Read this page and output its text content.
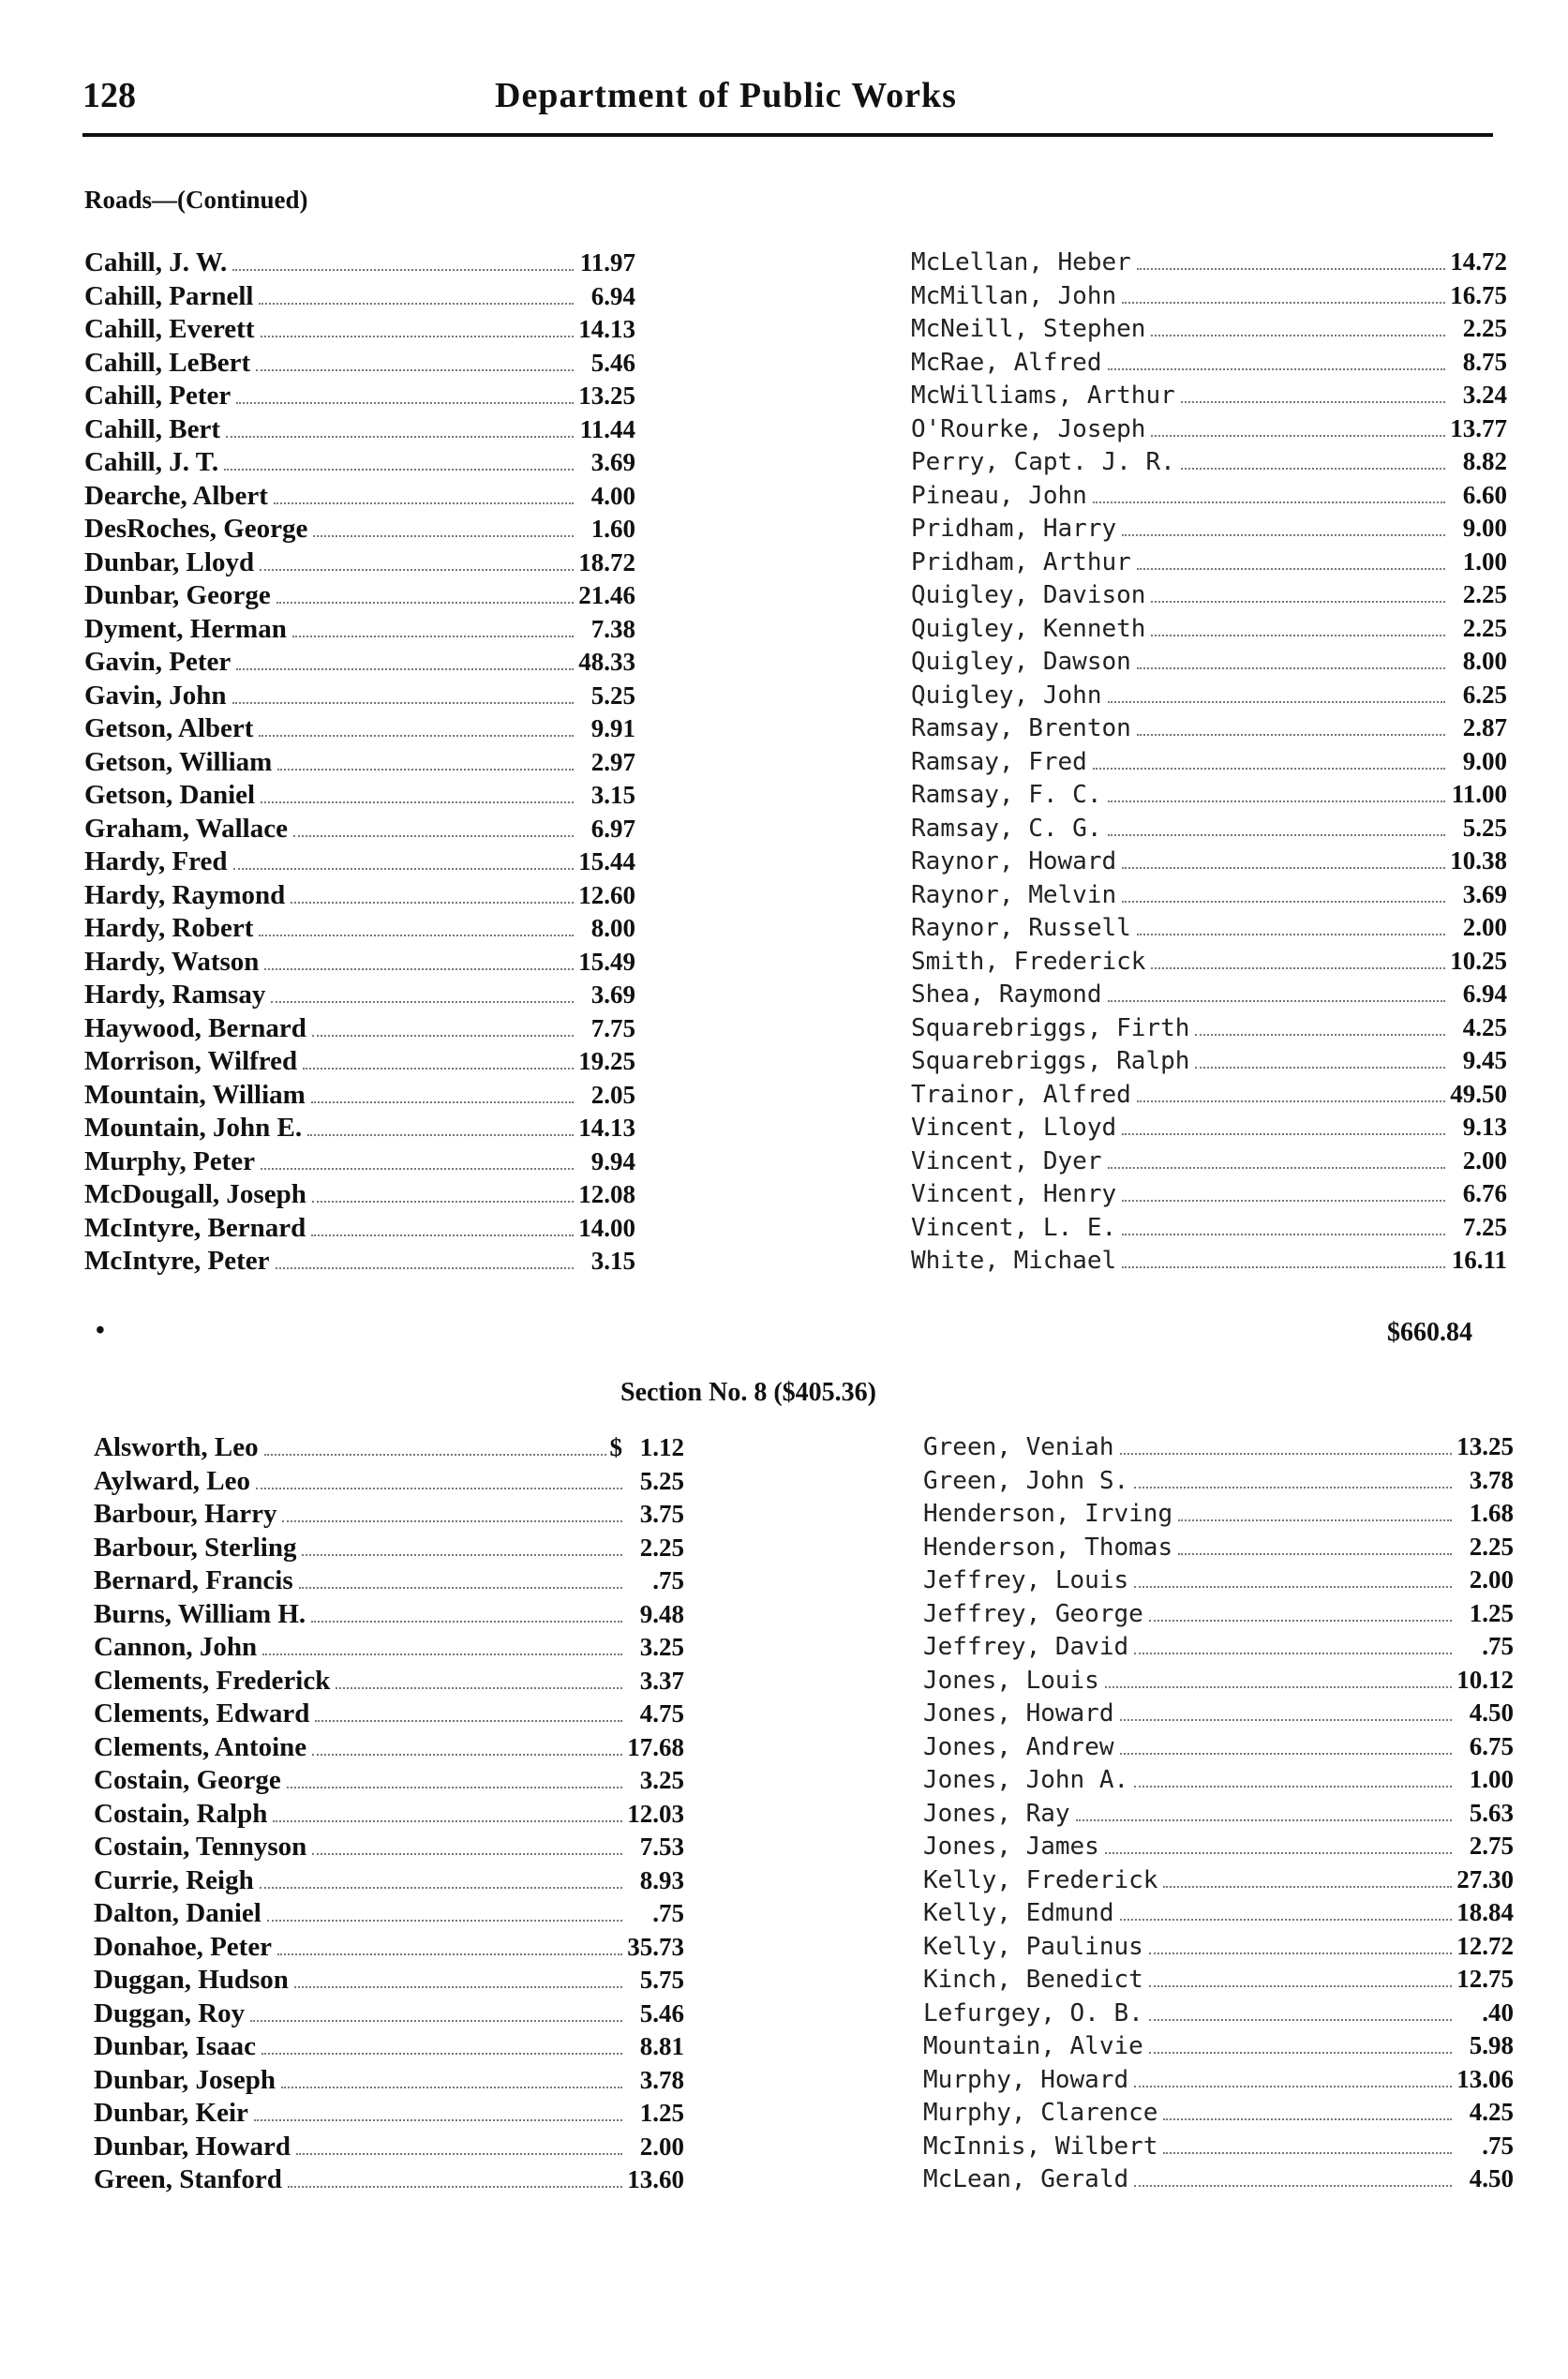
128	Department of Public Works
Roads—(Continued)
Cahill, J. W.	11.97
Cahill, Parnell	6.94
Cahill, Everett	14.13
Cahill, LeBert	5.46
Cahill, Peter	13.25
Cahill, Bert	11.44
Cahill, J. T.	3.69
Dearche, Albert	4.00
DesRoches, George	1.60
Dunbar, Lloyd	18.72
Dunbar, George	21.46
Dyment, Herman	7.38
Gavin, Peter	48.33
Gavin, John	5.25
Getson, Albert	9.91
Getson, William	2.97
Getson, Daniel	3.15
Graham, Wallace	6.97
Hardy, Fred	15.44
Hardy, Raymond	12.60
Hardy, Robert	8.00
Hardy, Watson	15.49
Hardy, Ramsay	3.69
Haywood, Bernard	7.75
Morrison, Wilfred	19.25
Mountain, William	2.05
Mountain, John E.	14.13
Murphy, Peter	9.94
McDougall, Joseph	12.08
McIntyre, Bernard	14.00
McIntyre, Peter	3.15
McLellan, Heber	14.72
McMillan, John	16.75
McNeill, Stephen	2.25
McRae, Alfred	8.75
McWilliams, Arthur	3.24
O'Rourke, Joseph	13.77
Perry, Capt. J. R.	8.82
Pineau, John	6.60
Pridham, Harry	9.00
Pridham, Arthur	1.00
Quigley, Davison	2.25
Quigley, Kenneth	2.25
Quigley, Dawson	8.00
Quigley, John	6.25
Ramsay, Brenton	2.87
Ramsay, Fred	9.00
Ramsay, F. C.	11.00
Ramsay, C. G.	5.25
Raynor, Howard	10.38
Raynor, Melvin	3.69
Raynor, Russell	2.00
Smith, Frederick	10.25
Shea, Raymond	6.94
Squarebriggs, Firth	4.25
Squarebriggs, Ralph	9.45
Trainor, Alfred	49.50
Vincent, Lloyd	9.13
Vincent, Dyer	2.00
Vincent, Henry	6.76
Vincent, L. E.	7.25
White, Michael	16.11
•	$660.84
Section No. 8 ($405.36)
Alsworth, Leo	$ 1.12
Aylward, Leo	5.25
Barbour, Harry	3.75
Barbour, Sterling	2.25
Bernard, Francis	.75
Burns, William H.	9.48
Cannon, John	3.25
Clements, Frederick	3.37
Clements, Edward	4.75
Clements, Antoine	17.68
Costain, George	3.25
Costain, Ralph	12.03
Costain, Tennyson	7.53
Currie, Reigh	8.93
Dalton, Daniel	.75
Donahoe, Peter	35.73
Duggan, Hudson	5.75
Duggan, Roy	5.46
Dunbar, Isaac	8.81
Dunbar, Joseph	3.78
Dunbar, Keir	1.25
Dunbar, Howard	2.00
Green, Stanford	13.60
Green, Veniah	13.25
Green, John S.	3.78
Henderson, Irving	1.68
Henderson, Thomas	2.25
Jeffrey, Louis	2.00
Jeffrey, George	1.25
Jeffrey, David	.75
Jones, Louis	10.12
Jones, Howard	4.50
Jones, Andrew	6.75
Jones, John A.	1.00
Jones, Ray	5.63
Jones, James	2.75
Kelly, Frederick	27.30
Kelly, Edmund	18.84
Kelly, Paulinus	12.72
Kinch, Benedict	12.75
Lefurgey, O. B.	.40
Mountain, Alvie	5.98
Murphy, Howard	13.06
Murphy, Clarence	4.25
McInnis, Wilbert	.75
McLean, Gerald	4.50
